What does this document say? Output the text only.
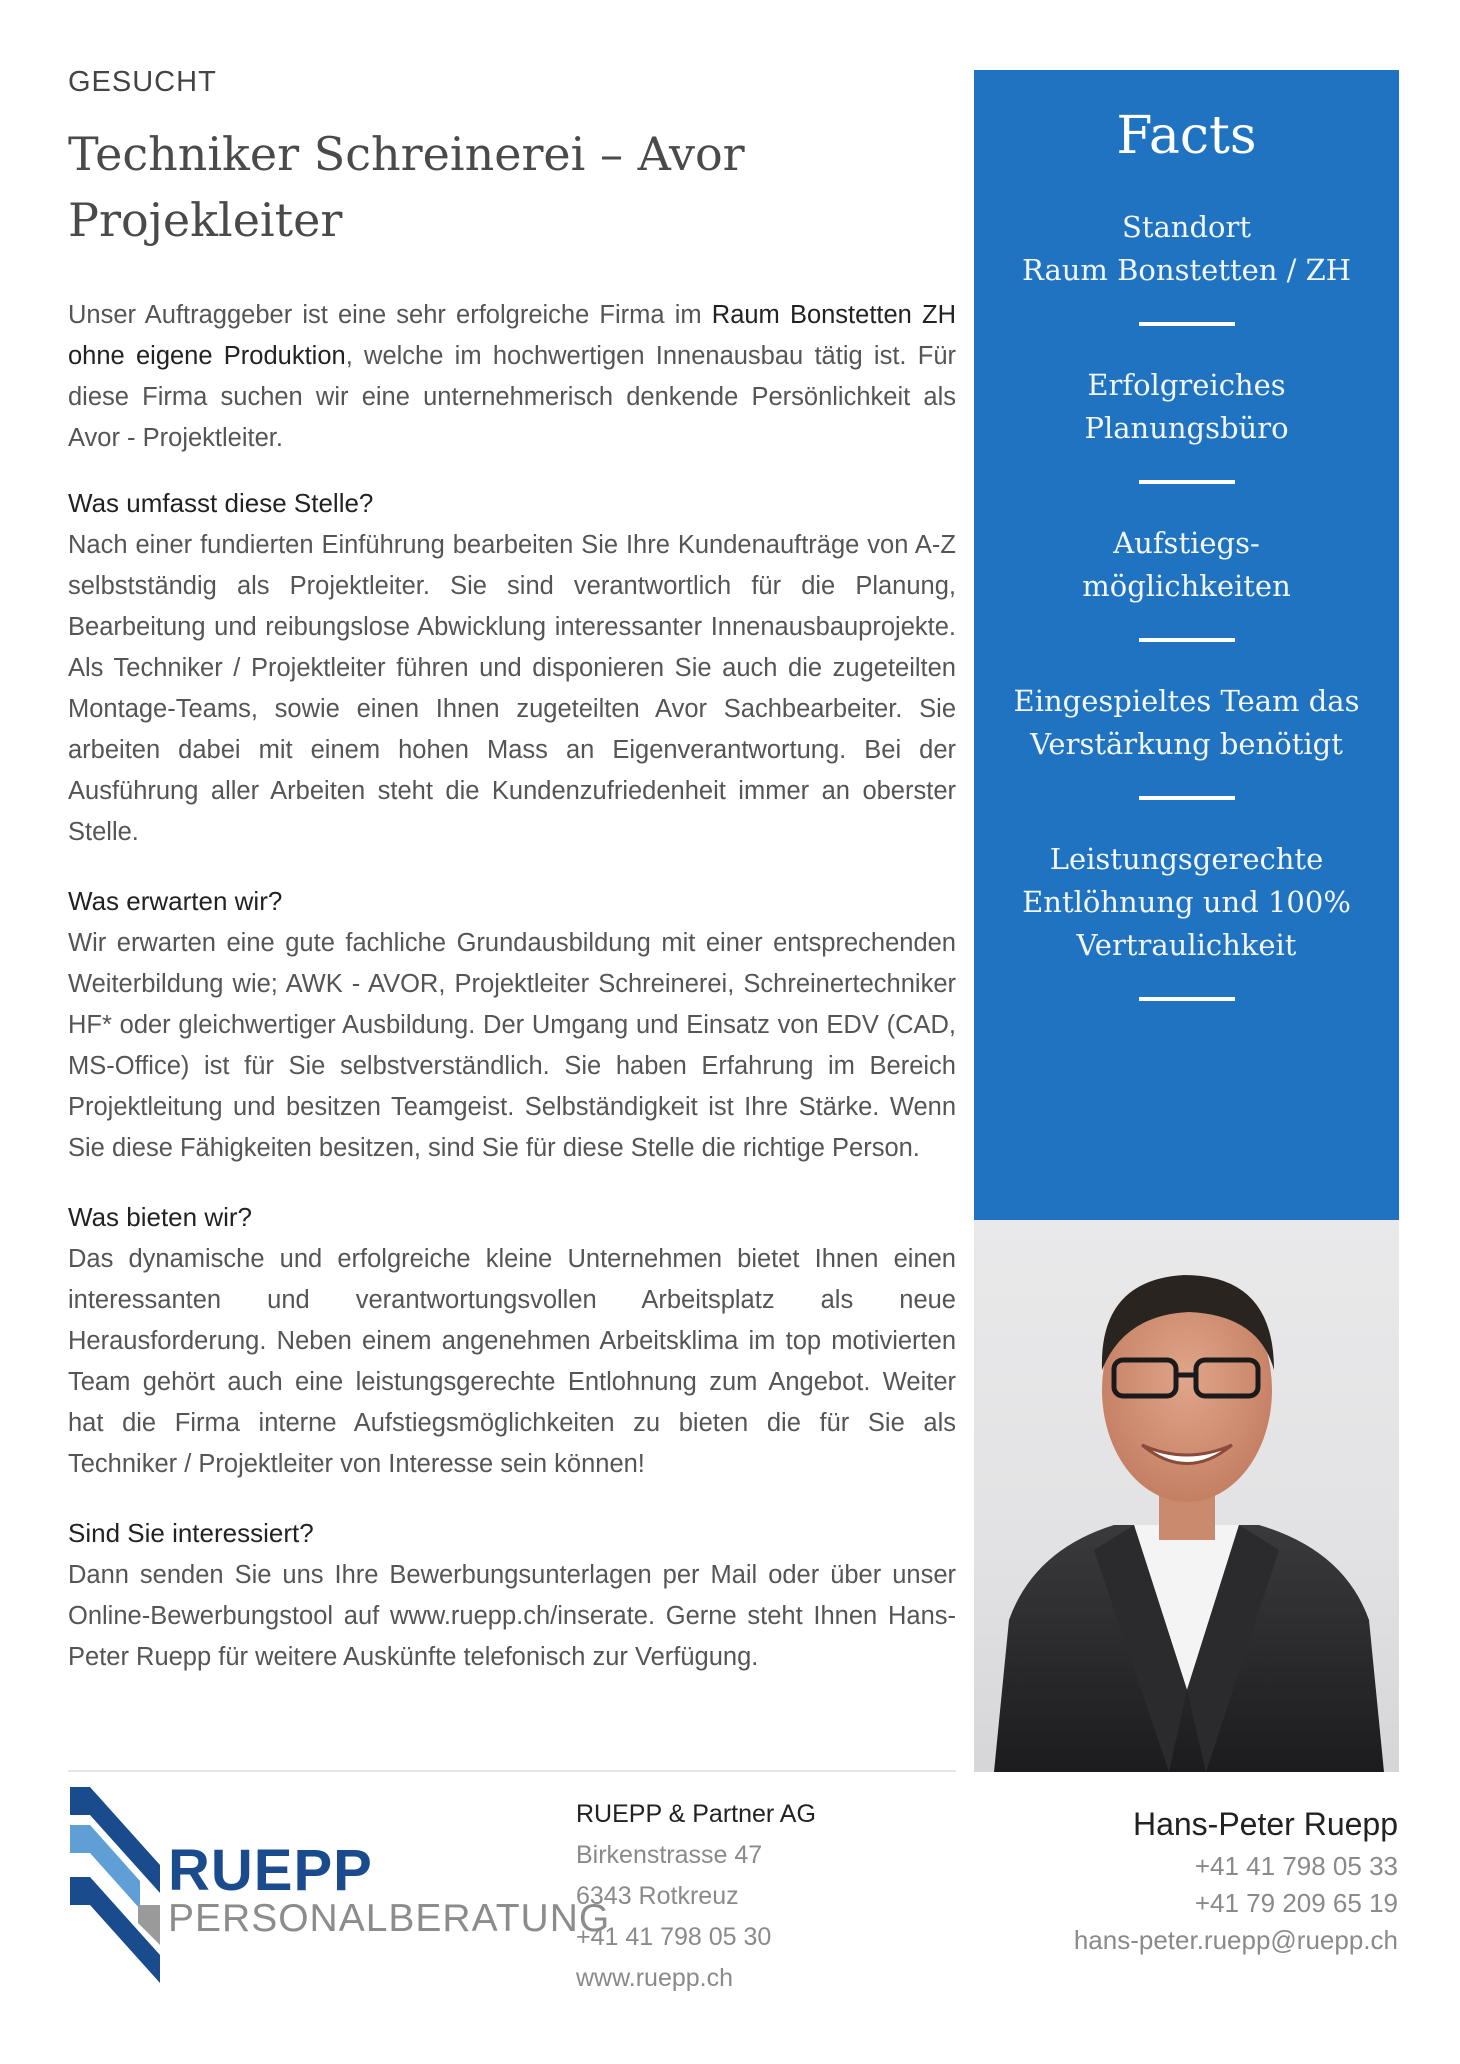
GESUCHT
Techniker Schreinerei – Avor
Projekleiter

Unser Auftraggeber ist eine sehr erfolgreiche Firma im Raum Bonstetten ZH ohne eigene Produktion, welche im hochwertigen Innenausbau tätig ist. Für diese Firma suchen wir eine unternehmerisch denkende Persönlichkeit als Avor - Projektleiter.

Was umfasst diese Stelle?

Nach einer fundierten Einführung bearbeiten Sie Ihre Kundenaufträge von A-Z selbstständig als Projektleiter. Sie sind verantwortlich für die Planung, Bearbeitung und reibungslose Abwicklung interessanter Innenausbauprojekte. Als Techniker / Projektleiter führen und disponieren Sie auch die zugeteilten Montage-Teams, sowie einen Ihnen zugeteilten Avor Sachbearbeiter. Sie arbeiten dabei mit einem hohen Mass an Eigenverantwortung. Bei der Ausführung aller Arbeiten steht die Kundenzufriedenheit immer an oberster Stelle.

Was erwarten wir?

Wir erwarten eine gute fachliche Grundausbildung mit einer entsprechenden Weiterbildung wie; AWK - AVOR, Projektleiter Schreinerei, Schreinertechniker HF* oder gleichwertiger Ausbildung. Der Umgang und Einsatz von EDV (CAD, MS-Office) ist für Sie selbstverständlich. Sie haben Erfahrung im Bereich Projektleitung und besitzen Teamgeist. Selbständigkeit ist Ihre Stärke. Wenn Sie diese Fähigkeiten besitzen, sind Sie für diese Stelle die richtige Person.

Was bieten wir?

Das dynamische und erfolgreiche kleine Unternehmen bietet Ihnen einen interessanten und verantwortungsvollen Arbeitsplatz als neue Herausforderung. Neben einem angenehmen Arbeitsklima im top motivierten Team gehört auch eine leistungsgerechte Entlohnung zum Angebot. Weiter hat die Firma interne Aufstiegsmöglichkeiten zu bieten die für Sie als Techniker / Projektleiter von Interesse sein können!

Sind Sie interessiert?

Dann senden Sie uns Ihre Bewerbungsunterlagen per Mail oder über unser Online-Bewerbungstool auf www.ruepp.ch/inserate. Gerne steht Ihnen Hans-Peter Ruepp für weitere Auskünfte telefonisch zur Verfügung.

Facts
Standort
Raum Bonstetten / ZH
Erfolgreiches
Planungsbüro
Aufstiegs-
möglichkeiten
Eingespieltes Team das
Verstärkung benötigt
Leistungsgerechte
Entlöhnung und 100%
Vertraulichkeit
RUEPP
PERSONALBERATUNG
RUEPP & Partner AG
Birkenstrasse 47
6343 Rotkreuz
+41 41 798 05 30
www.ruepp.ch
Hans-Peter Ruepp
+41 41 798 05 33
+41 79 209 65 19
hans-peter.ruepp@ruepp.ch
